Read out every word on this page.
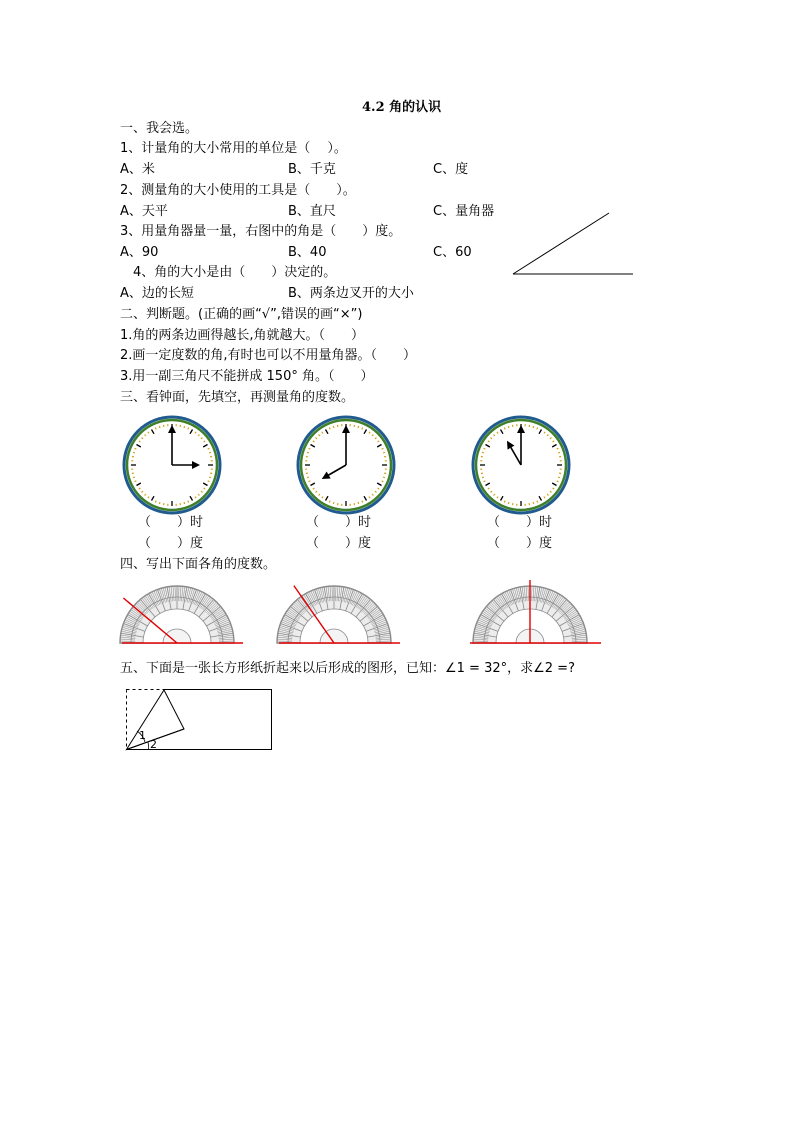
4.2 角的认识
一、我会选。
1、计量角的大小常用的单位是（　 ）。
A、米	B、千克	C、度
2、测量角的大小使用的工具是（　　）。
A、天平	B、直尺	C、量角器
3、用量角器量一量，右图中的角是（　　）度。
A、90	B、40	C、60
4、角的大小是由（　　）决定的。
A、边的长短	B、两条边叉开的大小
二、判断题。(正确的画“√”,错误的画“×”)
1.角的两条边画得越长,角就越大。（　　）
2.画一定度数的角,有时也可以不用量角器。（　　）
3.用一副三角尺不能拼成 150° 角。（　　）
三、看钟面，先填空，再测量角的度数。
（　　）时
（　　）度
（　　）时
（　　）度
（　　）时
（　　）度
四、写出下面各角的度数。
五、下面是一张长方形纸折起来以后形成的图形，已知：∠1 = 32°，求∠2 =?
1
2
